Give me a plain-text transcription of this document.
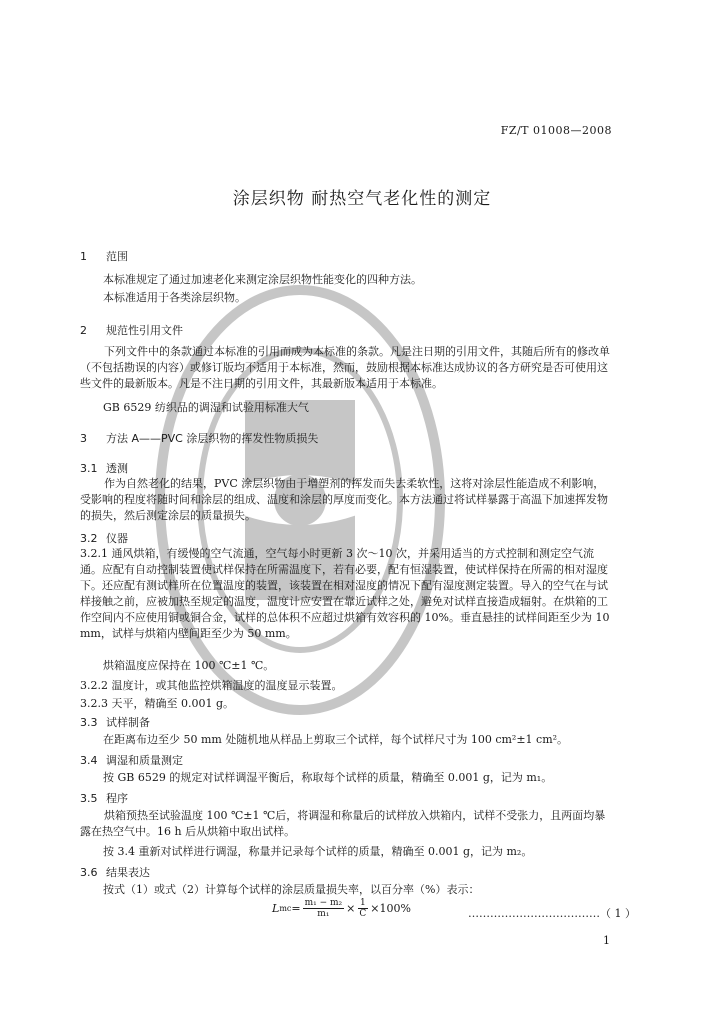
FZ/T 01008—2008
涂层织物 耐热空气老化性的测定
1 范围
本标准规定了通过加速老化来测定涂层织物性能变化的四种方法。
本标准适用于各类涂层织物。
2 规范性引用文件
下列文件中的条款通过本标准的引用而成为本标准的条款。凡是注日期的引用文件，其随后所有的修改单（不包括勘误的内容）或修订版均不适用于本标准，然而，鼓励根据本标准达成协议的各方研究是否可使用这些文件的最新版本。凡是不注日期的引用文件，其最新版本适用于本标准。
GB 6529 纺织品的调湿和试验用标准大气
3 方法 A——PVC 涂层织物的挥发性物质损失
3.1 透测
作为自然老化的结果，PVC 涂层织物由于增塑剂的挥发而失去柔软性，这将对涂层性能造成不利影响，受影响的程度将随时间和涂层的组成、温度和涂层的厚度而变化。本方法通过将试样暴露于高温下加速挥发物的损失，然后测定涂层的质量损失。
3.2 仪器
3.2.1 通风烘箱，有缓慢的空气流通，空气每小时更新 3 次～10 次，并采用适当的方式控制和测定空气流通。应配有自动控制装置使试样保持在所需温度下，若有必要，配有恒湿装置，使试样保持在所需的相对湿度下。还应配有测试样所在位置温度的装置，该装置在相对湿度的情况下配有湿度测定装置。导入的空气在与试样接触之前，应被加热至规定的温度，温度计应安置在靠近试样之处，避免对试样直接造成辐射。在烘箱的工作空间内不应使用铜或铜合金，试样的总体积不应超过烘箱有效容积的 10%。垂直悬挂的试样间距至少为 10 mm，试样与烘箱内壁间距至少为 50 mm。
烘箱温度应保持在 100 ℃±1 ℃。
3.2.2 温度计，或其他监控烘箱温度的温度显示装置。
3.2.3 天平，精确至 0.001 g。
3.3 试样制备
在距离布边至少 50 mm 处随机地从样品上剪取三个试样，每个试样尺寸为 100 cm²±1 cm²。
3.4 调湿和质量测定
按 GB 6529 的规定对试样调湿平衡后，称取每个试样的质量，精确至 0.001 g，记为 m₁。
3.5 程序
烘箱预热至试验温度 100 ℃±1 ℃后，将调湿和称量后的试样放入烘箱内，试样不受张力，且两面均暴露在热空气中。16 h 后从烘箱中取出试样。
按 3.4 重新对试样进行调湿，称量并记录每个试样的质量，精确至 0.001 g，记为 m₂。
3.6 结果表达
按式（1）或式（2）计算每个试样的涂层质量损失率，以百分率（%）表示：
L mc = $\frac{\text{m₁ − m₂}}{\text{m₁}} \times \frac{1}{C} \times 100\%$	………………………………（ 1 ）
1
